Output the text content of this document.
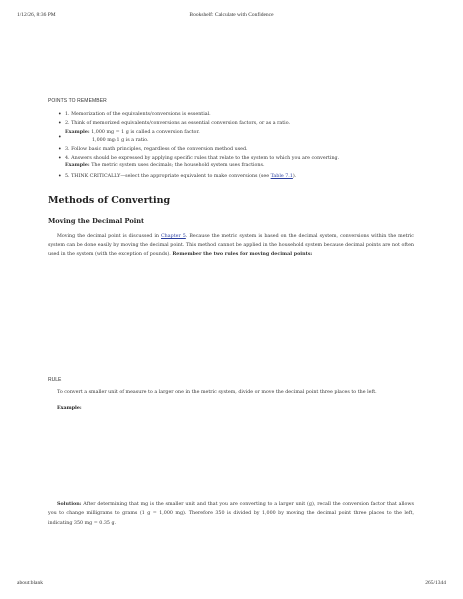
1/12/26, 8:36 PM	Bookshelf: Calculate with Confidence
POINTS TO REMEMBER
• 1. Memorization of the equivalents/conversions is essential.
• 2. Think of memorized equivalents/conversions as essential conversion factors, or as a ratio.
•
Example: 1,000 mg = 1 g is called a conversion factor.
1,000 mg:1 g is a ratio.
• 3. Follow basic math principles, regardless of the conversion method used.
• 4. Answers should be expressed by applying specific rules that relate to the system to which you are converting.
Example: The metric system uses decimals; the household system uses fractions.
• 5. THINK CRITICALLY—select the appropriate equivalent to make conversions (see Table 7.1).
Methods of Converting
Moving the Decimal Point
Moving the decimal point is discussed in Chapter 5. Because the metric system is based on the decimal system, conversions within the metric system can be done easily by moving the decimal point. This method cannot be applied in the household system because decimal points are not often used in the system (with the exception of pounds). Remember the two rules for moving decimal points:
RULE
To convert a smaller unit of measure to a larger one in the metric system, divide or move the decimal point three places to the left.
Example:
Solution: After determining that mg is the smaller unit and that you are converting to a larger unit (g), recall the conversion factor that allows you to change milligrams to grams (1 g = 1,000 mg). Therefore 350 is divided by 1,000 by moving the decimal point three places to the left, indicating 350 mg = 0.35 g.
about:blank	265/1344
